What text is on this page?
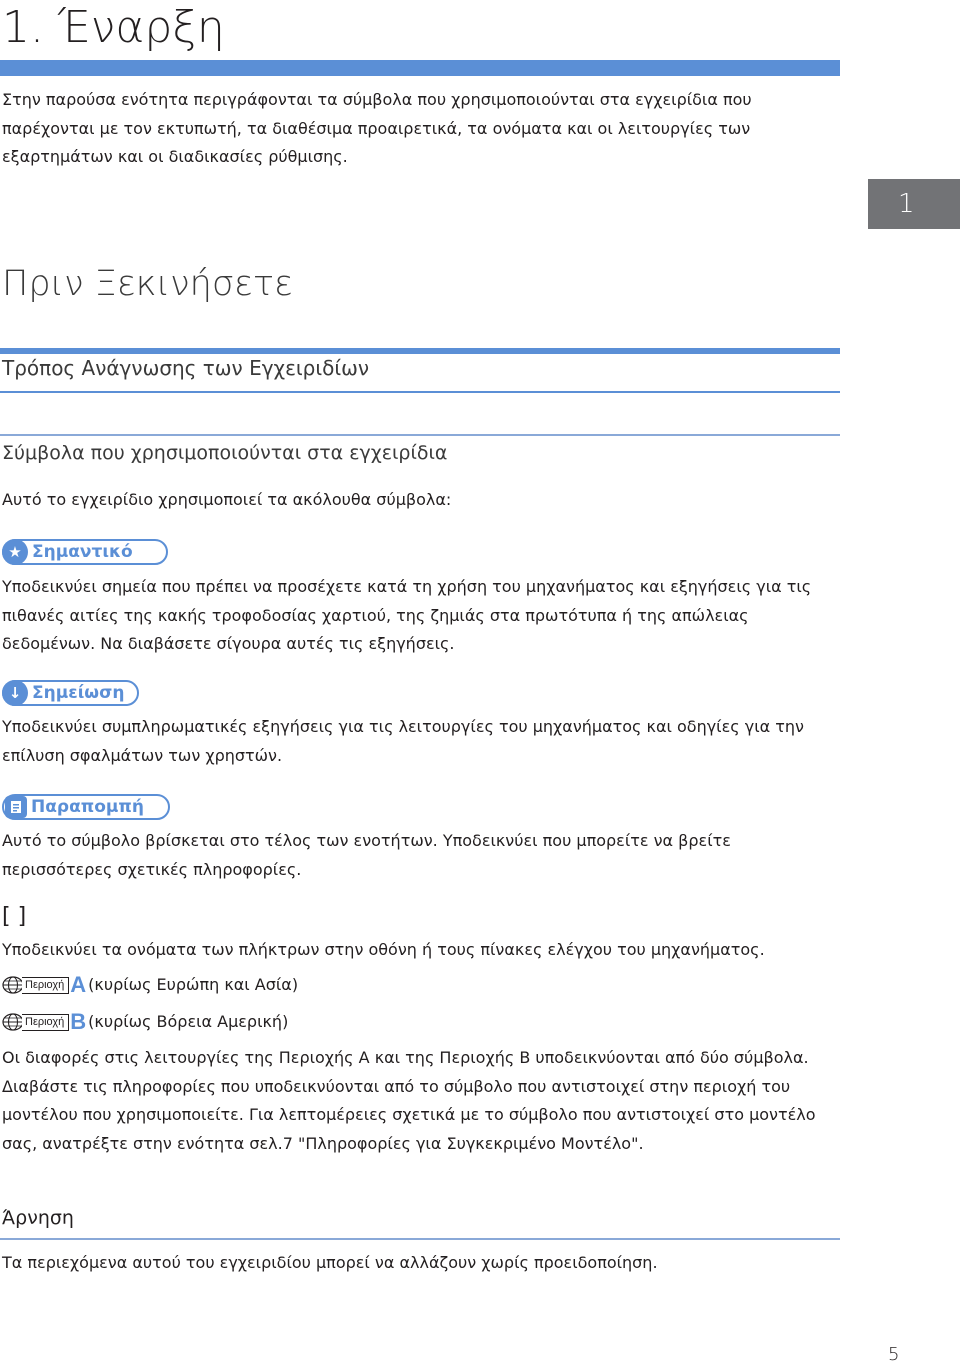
1. Έναρξη
Στην παρούσα ενότητα περιγράφονται τα σύμβολα που χρησιμοποιούνται στα εγχειρίδια που παρέχονται με τον εκτυπωτή, τα διαθέσιμα προαιρετικά, τα ονόματα και οι λειτουργίες των εξαρτημάτων και οι διαδικασίες ρύθμισης.
1
Πριν Ξεκινήσετε
Τρόπος Ανάγνωσης των Εγχειριδίων
Σύμβολα που χρησιμοποιούνται στα εγχειρίδια
Αυτό το εγχειρίδιο χρησιμοποιεί τα ακόλουθα σύμβολα:
★ Σημαντικό
Υποδεικνύει σημεία που πρέπει να προσέχετε κατά τη χρήση του μηχανήματος και εξηγήσεις για τις πιθανές αιτίες της κακής τροφοδοσίας χαρτιού, της ζημιάς στα πρωτότυπα ή της απώλειας δεδομένων. Να διαβάσετε σίγουρα αυτές τις εξηγήσεις.
↓ Σημείωση
Υποδεικνύει συμπληρωματικές εξηγήσεις για τις λειτουργίες του μηχανήματος και οδηγίες για την επίλυση σφαλμάτων των χρηστών.
Παραπομπή
Αυτό το σύμβολο βρίσκεται στο τέλος των ενοτήτων. Υποδεικνύει που μπορείτε να βρείτε περισσότερες σχετικές πληροφορίες.
[ ]
Υποδεικνύει τα ονόματα των πλήκτρων στην οθόνη ή τους πίνακες ελέγχου του μηχανήματος.
Περιοχή A (κυρίως Ευρώπη και Ασία)
Περιοχή B (κυρίως Βόρεια Αμερική)
Οι διαφορές στις λειτουργίες της Περιοχής A και της Περιοχής B υποδεικνύονται από δύο σύμβολα. Διαβάστε τις πληροφορίες που υποδεικνύονται από το σύμβολο που αντιστοιχεί στην περιοχή του μοντέλου που χρησιμοποιείτε. Για λεπτομέρειες σχετικά με το σύμβολο που αντιστοιχεί στο μοντέλο σας, ανατρέξτε στην ενότητα σελ.7 "Πληροφορίες για Συγκεκριμένο Μοντέλο".
Άρνηση
Τα περιεχόμενα αυτού του εγχειριδίου μπορεί να αλλάζουν χωρίς προειδοποίηση.
5
